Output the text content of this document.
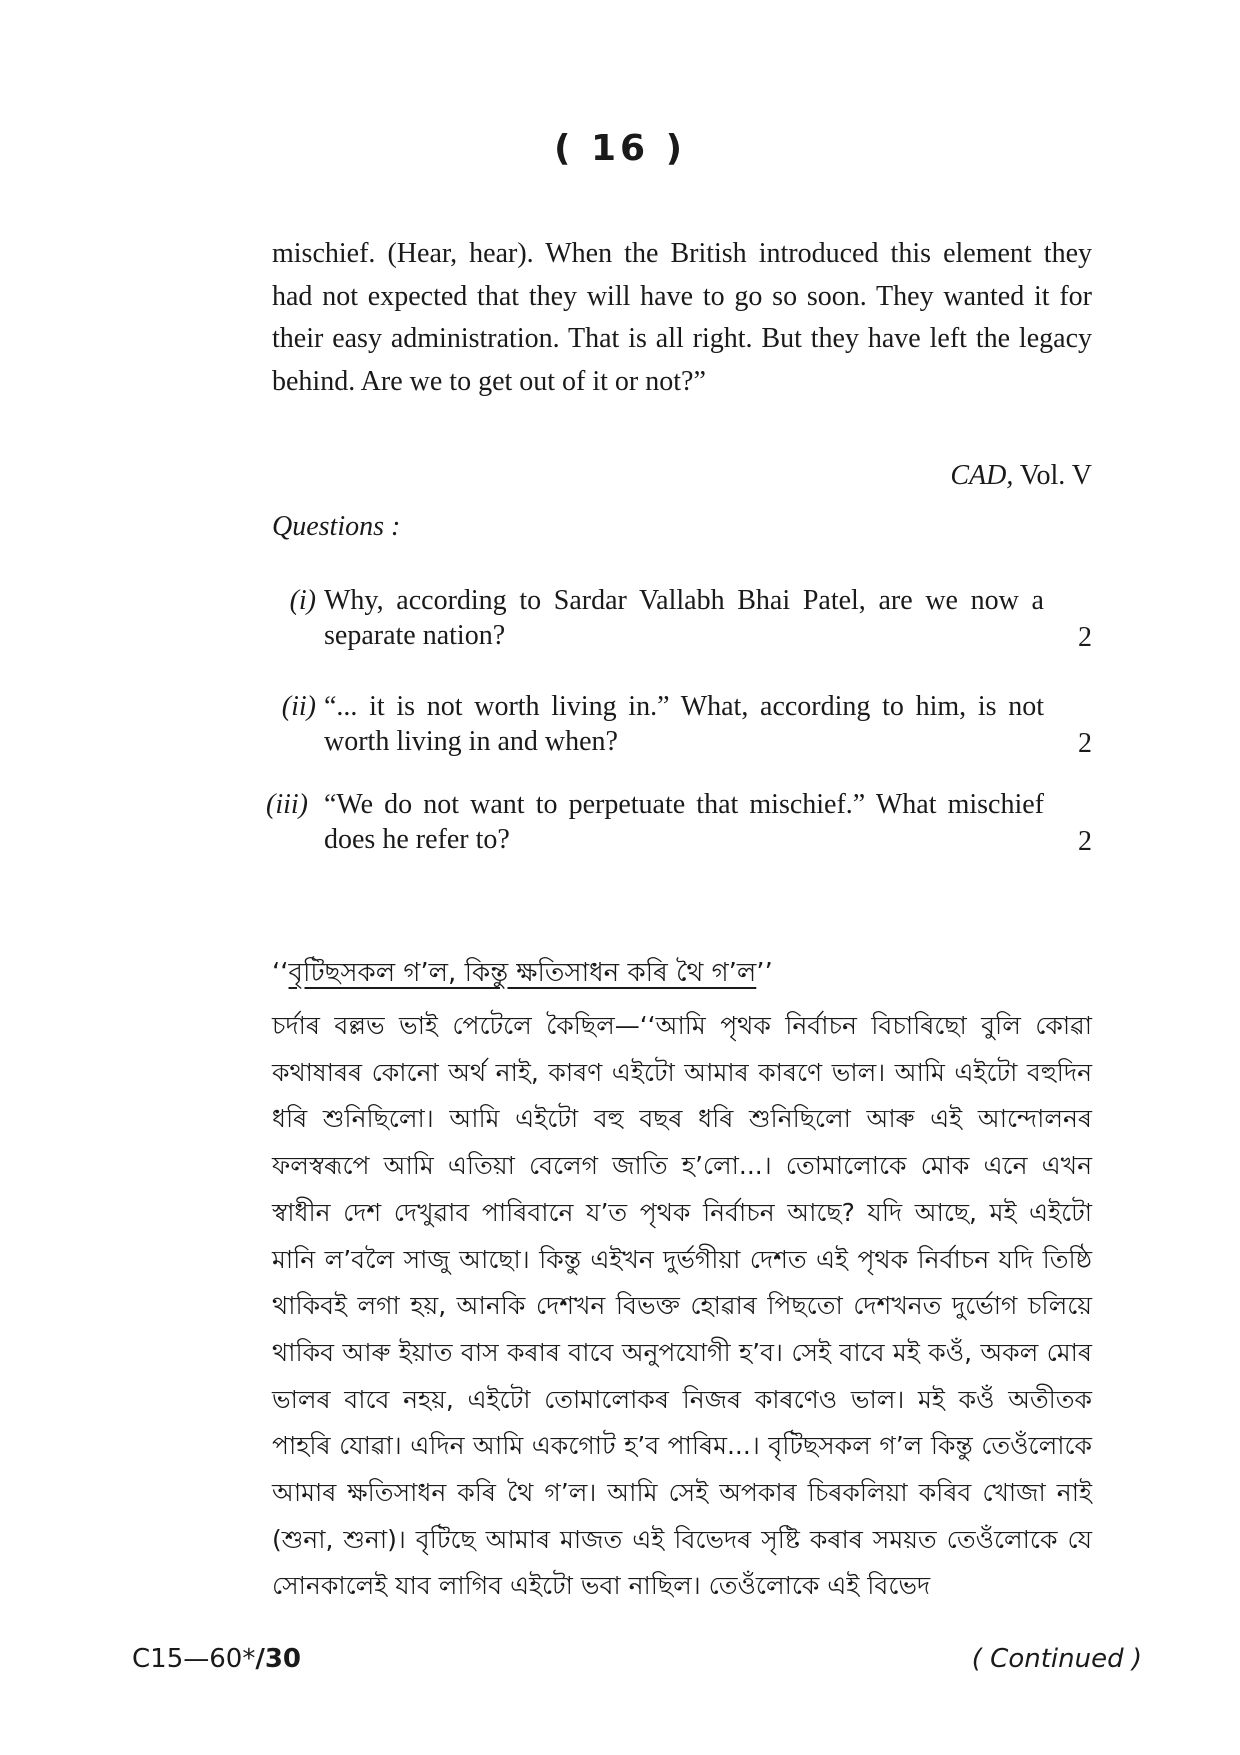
( 16 )

mischief. (Hear, hear). When the British introduced this element they had not expected that they will have to go so soon. They wanted it for their easy administration. That is all right. But they have left the legacy behind. Are we to get out of it or not?”

CAD, Vol. V
Questions :
(i) Why, according to Sardar Vallabh Bhai Patel, are we now a separate nation?	2
(ii) “... it is not worth living in.” What, according to him, is not worth living in and when?	2
(iii) “We do not want to perpetuate that mischief.” What mischief does he refer to?	2
‘‘বৃটিছসকল গ’ল, কিন্তু ক্ষতিসাধন কৰি থৈ গ’ল’’

চৰ্দাৰ বল্লভ ভাই পেটেলে কৈছিল—‘‘আমি পৃথক নিৰ্বাচন বিচাৰিছো বুলি কোৱা কথাষাৰৰ কোনো অৰ্থ নাই, কাৰণ এইটো আমাৰ কাৰণে ভাল। আমি এইটো বহুদিন ধৰি শুনিছিলো। আমি এইটো বহু বছৰ ধৰি শুনিছিলো আৰু এই আন্দোলনৰ ফলস্বৰূপে আমি এতিয়া বেলেগ জাতি হ’লো...। তোমালোকে মোক এনে এখন স্বাধীন দেশ দেখুৱাব পাৰিবানে য’ত পৃথক নিৰ্বাচন আছে? যদি আছে, মই এইটো মানি ল’বলৈ সাজু আছো। কিন্তু এইখন দুৰ্ভগীয়া দেশত এই পৃথক নিৰ্বাচন যদি তিষ্ঠি থাকিবই লগা হয়, আনকি দেশখন বিভক্ত হোৱাৰ পিছতো দেশখনত দুৰ্ভোগ চলিয়ে থাকিব আৰু ইয়াত বাস কৰাৰ বাবে অনুপযোগী হ’ব। সেই বাবে মই কওঁ, অকল মোৰ ভালৰ বাবে নহয়, এইটো তোমালোকৰ নিজৰ কাৰণেও ভাল। মই কওঁ অতীতক পাহৰি যোৱা। এদিন আমি একগোট হ’ব পাৰিম...। বৃটিছসকল গ’ল কিন্তু তেওঁলোকে আমাৰ ক্ষতিসাধন কৰি থৈ গ’ল। আমি সেই অপকাৰ চিৰকলিয়া কৰিব খোজা নাই (শুনা, শুনা)। বৃটিছে আমাৰ মাজত এই বিভেদৰ সৃষ্টি কৰাৰ সময়ত তেওঁলোকে যে সোনকালেই যাব লাগিব এইটো ভবা নাছিল। তেওঁলোকে এই বিভেদ

C15—60*/30	( Continued )
